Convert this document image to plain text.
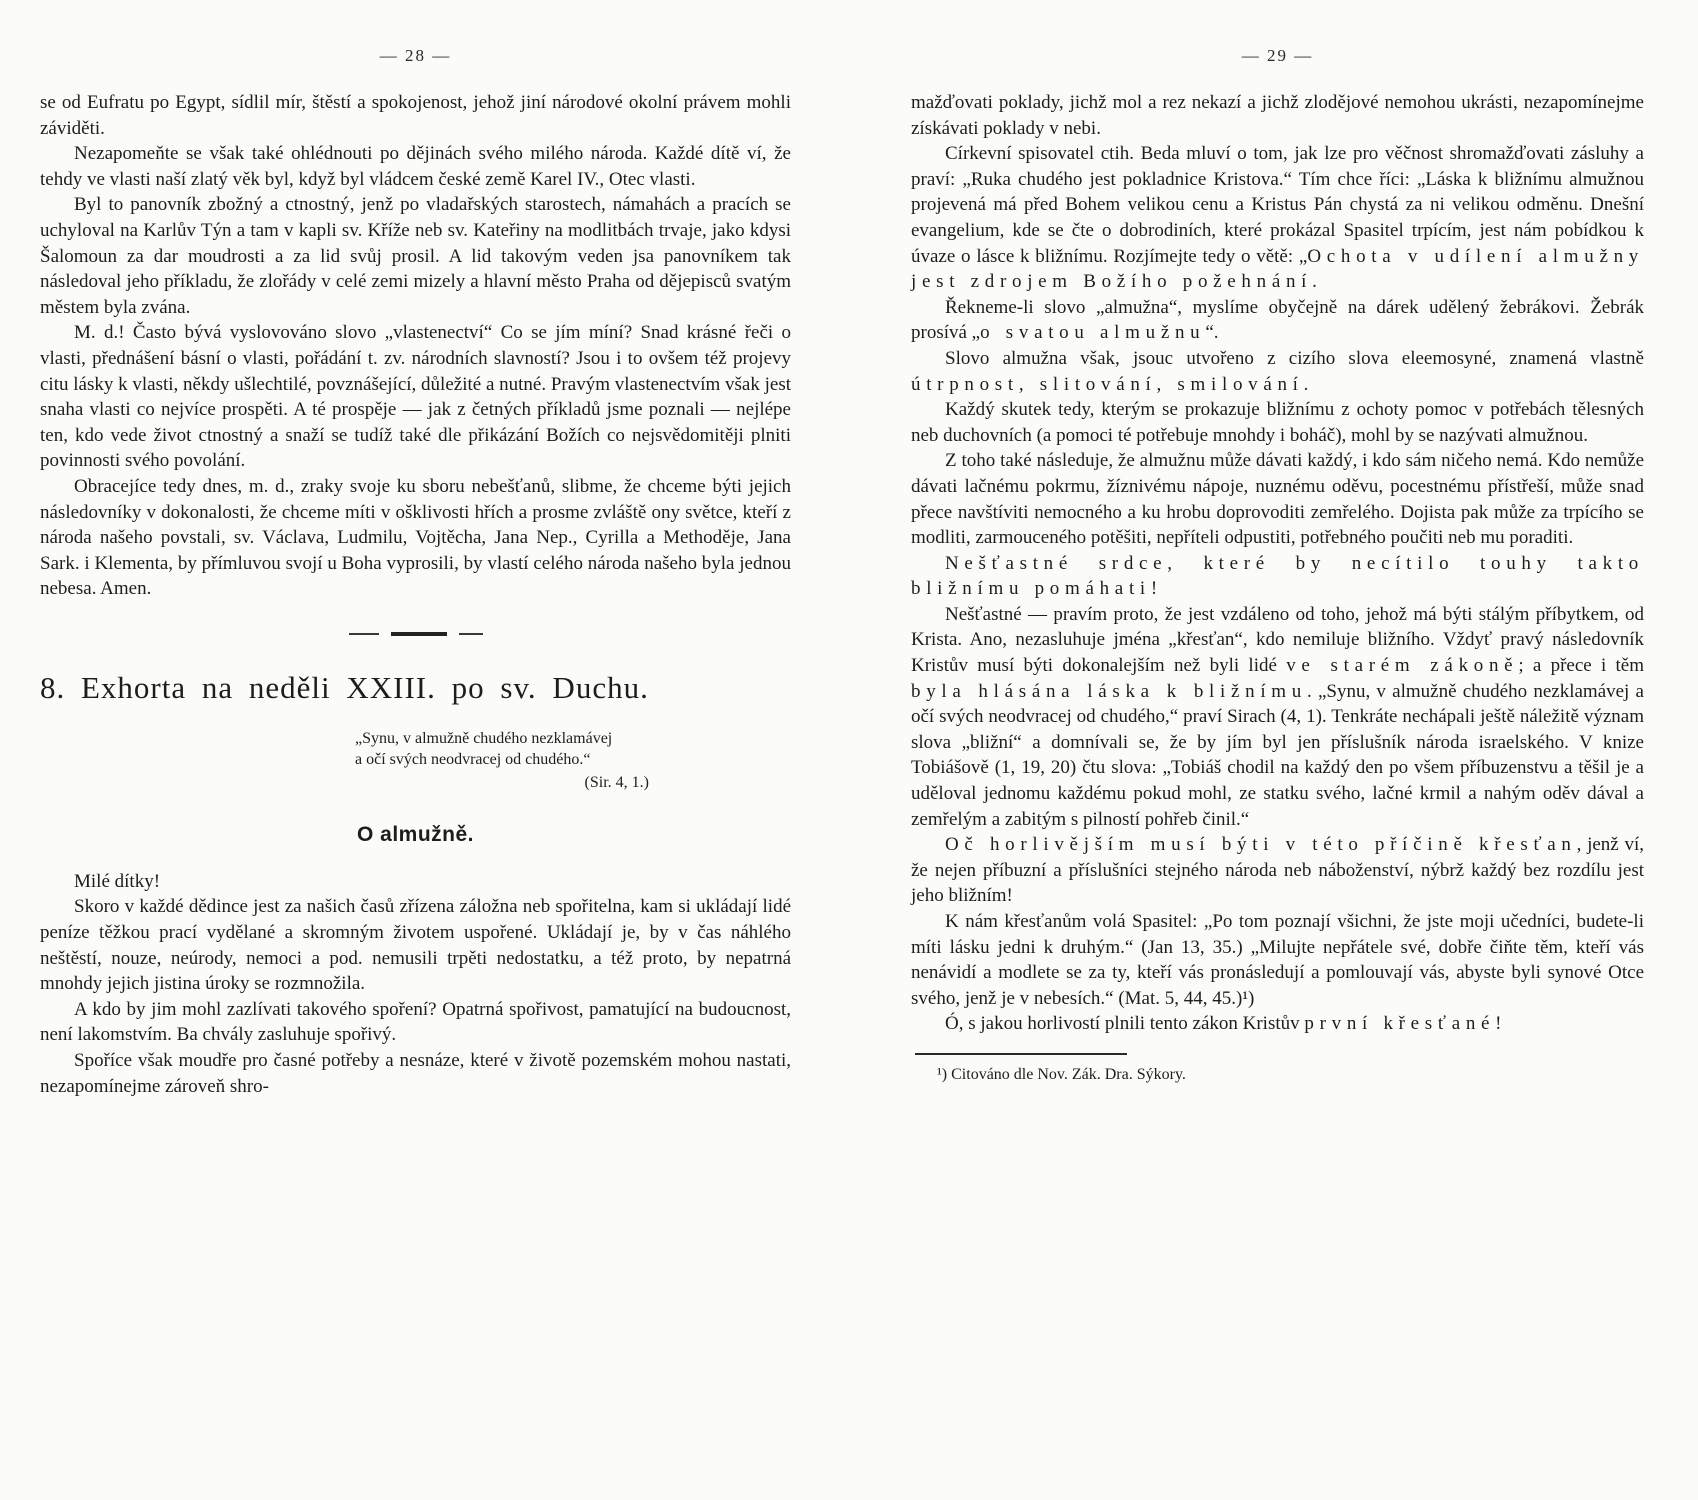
— 28 —

se od Eufratu po Egypt, sídlil mír, štěstí a spokojenost, jehož jiní národové okolní právem mohli záviděti.

Nezapomeňte se však také ohlédnouti po dějinách svého milého národa. Každé dítě ví, že tehdy ve vlasti naší zlatý věk byl, když byl vládcem české země Karel IV., Otec vlasti.

Byl to panovník zbožný a ctnostný, jenž po vladařských starostech, námahách a pracích se uchyloval na Karlův Týn a tam v kapli sv. Kříže neb sv. Kateřiny na modlitbách trvaje, jako kdysi Šalomoun za dar moudrosti a za lid svůj prosil. A lid takovým veden jsa panovníkem tak následoval jeho příkladu, že zlořády v celé zemi mizely a hlavní město Praha od dějepisců svatým městem byla zvána.

M. d.! Často bývá vyslovováno slovo „vlastenectví“ Co se jím míní? Snad krásné řeči o vlasti, přednášení básní o vlasti, pořádání t. zv. národních slavností? Jsou i to ovšem též projevy citu lásky k vlasti, někdy ušlechtilé, povznášející, důležité a nutné. Pravým vlastenectvím však jest snaha vlasti co nejvíce prospěti. A té prospěje — jak z četných příkladů jsme poznali — nejlépe ten, kdo vede život ctnostný a snaží se tudíž také dle přikázání Božích co nejsvědomitěji plniti povinnosti svého povolání.

Obracejíce tedy dnes, m. d., zraky svoje ku sboru nebešťanů, slibme, že chceme býti jejich následovníky v dokonalosti, že chceme míti v ošklivosti hřích a prosme zvláště ony světce, kteří z národa našeho povstali, sv. Václava, Ludmilu, Vojtěcha, Jana Nep., Cyrilla a Methoděje, Jana Sark. i Klementa, by přímluvou svojí u Boha vyprosili, by vlastí celého národa našeho byla jednou nebesa. Amen.

8. Exhorta na neděli XXIII. po sv. Duchu.
„Synu, v almužně chudého nezklamávej
a očí svých neodvracej od chudého.“
(Sir. 4, 1.)
O almužně.

Milé dítky!

Skoro v každé dědince jest za našich časů zřízena záložna neb spořitelna, kam si ukládají lidé peníze těžkou prací vydělané a skromným životem uspořené. Ukládají je, by v čas náhlého neštěstí, nouze, neúrody, nemoci a pod. nemusili trpěti nedostatku, a též proto, by nepatrná mnohdy jejich jistina úroky se rozmnožila.

A kdo by jim mohl zazlívati takového spoření? Opatrná spořivost, pamatující na budoucnost, není lakomstvím. Ba chvály zasluhuje spořivý.

Spoříce však moudře pro časné potřeby a nesnáze, které v životě pozemském mohou nastati, nezapomínejme zároveň shro-

— 29 —

mažďovati poklady, jichž mol a rez nekazí a jichž zlodějové nemohou ukrásti, nezapomínejme získávati poklady v nebi.

Církevní spisovatel ctih. Beda mluví o tom, jak lze pro věčnost shromažďovati zásluhy a praví: „Ruka chudého jest pokladnice Kristova.“ Tím chce říci: „Láska k bližnímu almužnou projevená má před Bohem velikou cenu a Kristus Pán chystá za ni velikou odměnu. Dnešní evangelium, kde se čte o dobrodiních, které prokázal Spasitel trpícím, jest nám pobídkou k úvaze o lásce k bližnímu. Rozjímejte tedy o větě: „Ochota v udílení almužny jest zdrojem Božího požehnání.

Řekneme-li slovo „almužna“, myslíme obyčejně na dárek udělený žebrákovi. Žebrák prosívá „o svatou almužnu“.

Slovo almužna však, jsouc utvořeno z cizího slova eleemosyné, znamená vlastně útrpnost, slitování, smilování.

Každý skutek tedy, kterým se prokazuje bližnímu z ochoty pomoc v potřebách tělesných neb duchovních (a pomoci té potřebuje mnohdy i boháč), mohl by se nazývati almužnou.

Z toho také následuje, že almužnu může dávati každý, i kdo sám ničeho nemá. Kdo nemůže dávati lačnému pokrmu, žíznivému nápoje, nuznému oděvu, pocestnému přístřeší, může snad přece navštíviti nemocného a ku hrobu doprovoditi zemřelého. Dojista pak může za trpícího se modliti, zarmouceného potěšiti, nepříteli odpustiti, potřebného poučiti neb mu poraditi.

Nešťastné srdce, které by necítilo touhy takto bližnímu pomáhati!

Nešťastné — pravím proto, že jest vzdáleno od toho, jehož má býti stálým příbytkem, od Krista. Ano, nezasluhuje jména „křesťan“, kdo nemiluje bližního. Vždyť pravý následovník Kristův musí býti dokonalejším než byli lidé ve starém zákoně; a přece i těm byla hlásána láska k bližnímu. „Synu, v almužně chudého nezklamávej a očí svých neodvracej od chudého,“ praví Sirach (4, 1). Tenkráte nechápali ještě náležitě význam slova „bližní“ a domnívali se, že by jím byl jen příslušník národa israelského. V knize Tobiášově (1, 19, 20) čtu slova: „Tobiáš chodil na každý den po všem příbuzenstvu a těšil je a uděloval jednomu každému pokud mohl, ze statku svého, lačné krmil a nahým oděv dával a zemřelým a zabitým s pilností pohřeb činil.“

Oč horlivějším musí býti v této příčině křesťan, jenž ví, že nejen příbuzní a příslušníci stejného národa neb náboženství, nýbrž každý bez rozdílu jest jeho bližním!

K nám křesťanům volá Spasitel: „Po tom poznají všichni, že jste moji učedníci, budete-li míti lásku jedni k druhým.“ (Jan 13, 35.) „Milujte nepřátele své, dobře čiňte těm, kteří vás nenávidí a modlete se za ty, kteří vás pronásledují a pomlouvají vás, abyste byli synové Otce svého, jenž je v nebesích.“ (Mat. 5, 44, 45.)¹)

Ó, s jakou horlivostí plnili tento zákon Kristův první křesťané!

¹) Citováno dle Nov. Zák. Dra. Sýkory.
